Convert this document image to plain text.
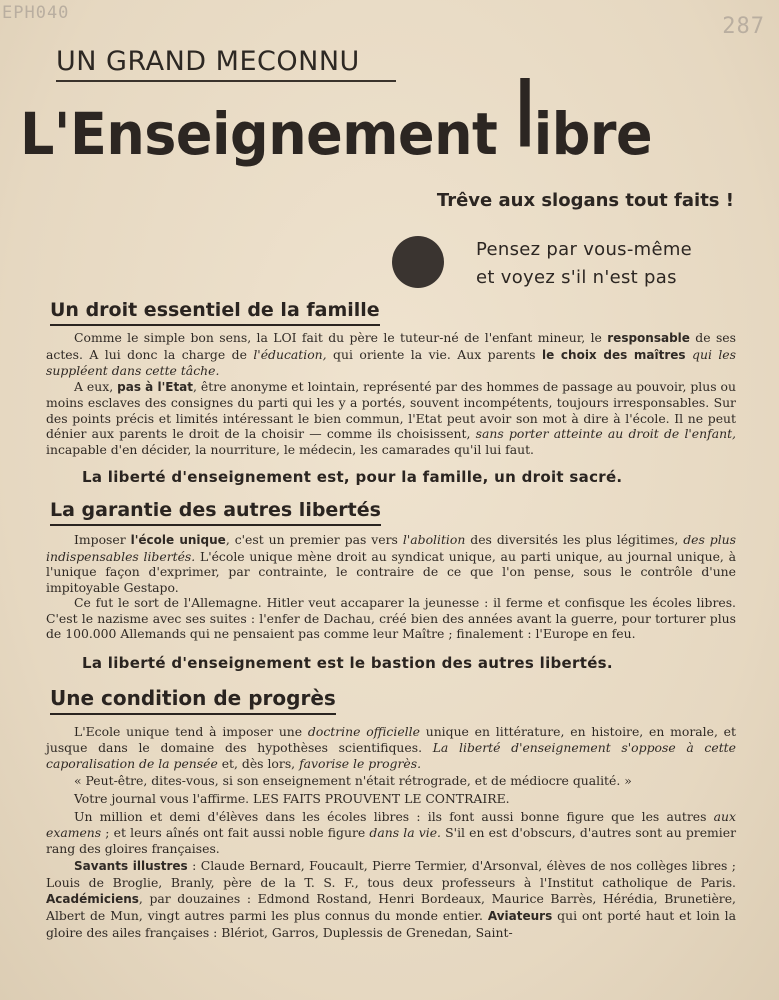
EPH040
287
UN GRAND MECONNU
L'Enseignement libre
Trêve aux slogans tout faits !

Pensez par vous-même

et voyez s'il n'est pas

Un droit essentiel de la famille

Comme le simple bon sens, la LOI fait du père le tuteur-né de l'enfant mineur, le responsable de ses actes. A lui donc la charge de l'éducation, qui oriente la vie. Aux parents le choix des maîtres qui les suppléent dans cette tâche.

A eux, pas à l'Etat, être anonyme et lointain, représenté par des hommes de passage au pouvoir, plus ou moins esclaves des consignes du parti qui les y a portés, souvent incompétents, toujours irresponsables. Sur des points précis et limités intéressant le bien commun, l'Etat peut avoir son mot à dire à l'école. Il ne peut dénier aux parents le droit de la choisir — comme ils choisissent, sans porter atteinte au droit de l'enfant, incapable d'en décider, la nourriture, le médecin, les camarades qu'il lui faut.

La liberté d'enseignement est, pour la famille, un droit sacré.
La garantie des autres libertés

Imposer l'école unique, c'est un premier pas vers l'abolition des diversités les plus légitimes, des plus indispensables libertés. L'école unique mène droit au syndicat unique, au parti unique, au journal unique, à l'unique façon d'exprimer, par contrainte, le contraire de ce que l'on pense, sous le contrôle d'une impitoyable Gestapo.

Ce fut le sort de l'Allemagne. Hitler veut accaparer la jeunesse : il ferme et confisque les écoles libres. C'est le nazisme avec ses suites : l'enfer de Dachau, créé bien des années avant la guerre, pour torturer plus de 100.000 Allemands qui ne pensaient pas comme leur Maître ; finalement : l'Europe en feu.

La liberté d'enseignement est le bastion des autres libertés.
Une condition de progrès

L'Ecole unique tend à imposer une doctrine officielle unique en littérature, en histoire, en morale, et jusque dans le domaine des hypothèses scientifiques. La liberté d'enseignement s'oppose à cette caporalisation de la pensée et, dès lors, favorise le progrès.

« Peut-être, dites-vous, si son enseignement n'était rétrograde, et de médiocre qualité. »

Votre journal vous l'affirme. LES FAITS PROUVENT LE CONTRAIRE.

Un million et demi d'élèves dans les écoles libres : ils font aussi bonne figure que les autres aux examens ; et leurs aînés ont fait aussi noble figure dans la vie. S'il en est d'obscurs, d'autres sont au premier rang des gloires françaises.

Savants illustres : Claude Bernard, Foucault, Pierre Termier, d'Arsonval, élèves de nos collèges libres ; Louis de Broglie, Branly, père de la T. S. F., tous deux professeurs à l'Institut catholique de Paris. Académiciens, par douzaines : Edmond Rostand, Henri Bordeaux, Maurice Barrès, Hérédia, Brunetière, Albert de Mun, vingt autres parmi les plus connus du monde entier. Aviateurs qui ont porté haut et loin la gloire des ailes françaises : Blériot, Garros, Duplessis de Grenedan, Saint-
